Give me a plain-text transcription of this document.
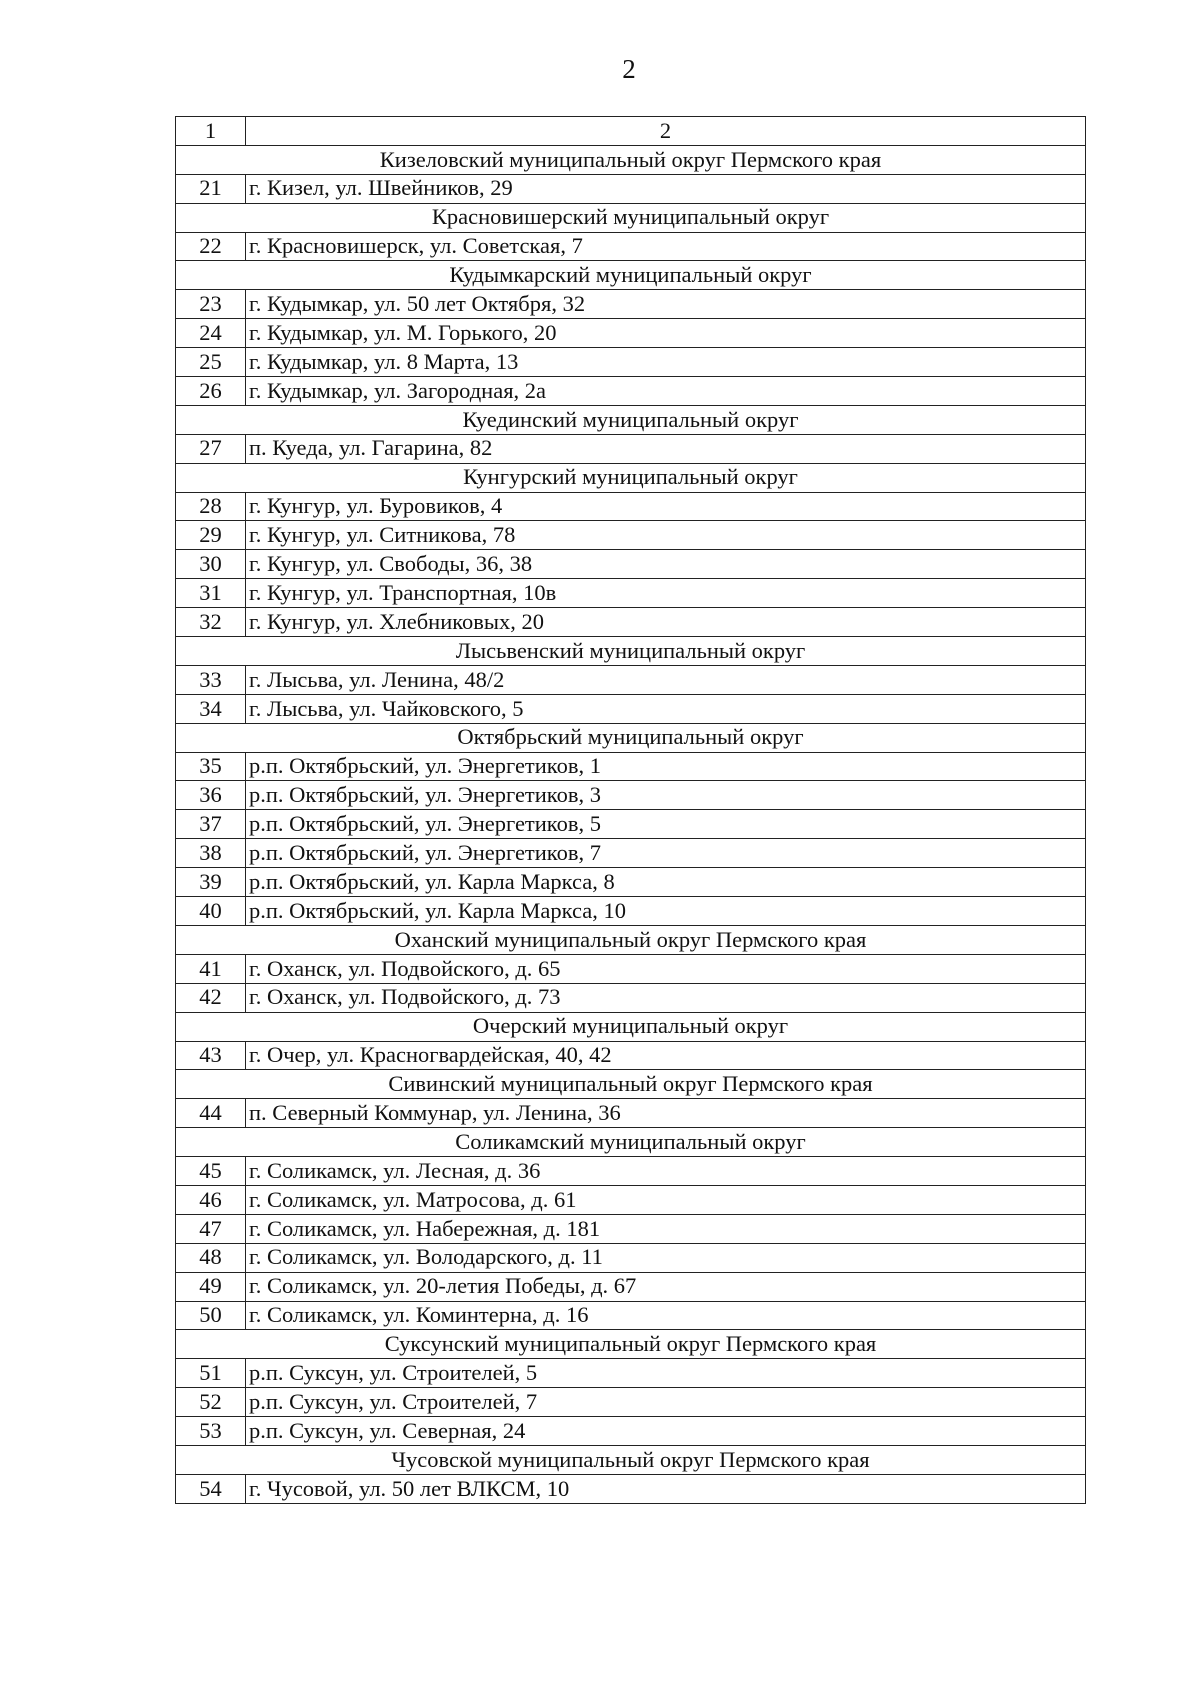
2
1	2
Кизеловский муниципальный округ Пермского края	
21	г. Кизел, ул. Швейников, 29
Красновишерский муниципальный округ	
22	г. Красновишерск, ул. Советская, 7
Кудымкарский муниципальный округ	
23	г. Кудымкар, ул. 50 лет Октября, 32
24	г. Кудымкар, ул. М. Горького, 20
25	г. Кудымкар, ул. 8 Марта, 13
26	г. Кудымкар, ул. Загородная, 2а
Куединский муниципальный округ	
27	п. Куеда, ул. Гагарина, 82
Кунгурский муниципальный округ	
28	г. Кунгур, ул. Буровиков, 4
29	г. Кунгур, ул. Ситникова, 78
30	г. Кунгур, ул. Свободы, 36, 38
31	г. Кунгур, ул. Транспортная, 10в
32	г. Кунгур, ул. Хлебниковых, 20
Лысьвенский муниципальный округ	
33	г. Лысьва, ул. Ленина, 48/2
34	г. Лысьва, ул. Чайковского, 5
Октябрьский муниципальный округ	
35	р.п. Октябрьский, ул. Энергетиков, 1
36	р.п. Октябрьский, ул. Энергетиков, 3
37	р.п. Октябрьский, ул. Энергетиков, 5
38	р.п. Октябрьский, ул. Энергетиков, 7
39	р.п. Октябрьский, ул. Карла Маркса, 8
40	р.п. Октябрьский, ул. Карла Маркса, 10
Оханский муниципальный округ Пермского края	
41	г. Оханск, ул. Подвойского, д. 65
42	г. Оханск, ул. Подвойского, д. 73
Очерский муниципальный округ	
43	г. Очер, ул. Красногвардейская, 40, 42
Сивинский муниципальный округ Пермского края	
44	п. Северный Коммунар, ул. Ленина, 36
Соликамский муниципальный округ	
45	г. Соликамск, ул. Лесная, д. 36
46	г. Соликамск, ул. Матросова, д. 61
47	г. Соликамск, ул. Набережная, д. 181
48	г. Соликамск, ул. Володарского, д. 11
49	г. Соликамск, ул. 20-летия Победы, д. 67
50	г. Соликамск, ул. Коминтерна, д. 16
Суксунский муниципальный округ Пермского края	
51	р.п. Суксун, ул. Строителей, 5
52	р.п. Суксун, ул. Строителей, 7
53	р.п. Суксун, ул. Северная, 24
Чусовской муниципальный округ Пермского края	
54	г. Чусовой, ул. 50 лет ВЛКСМ, 10
